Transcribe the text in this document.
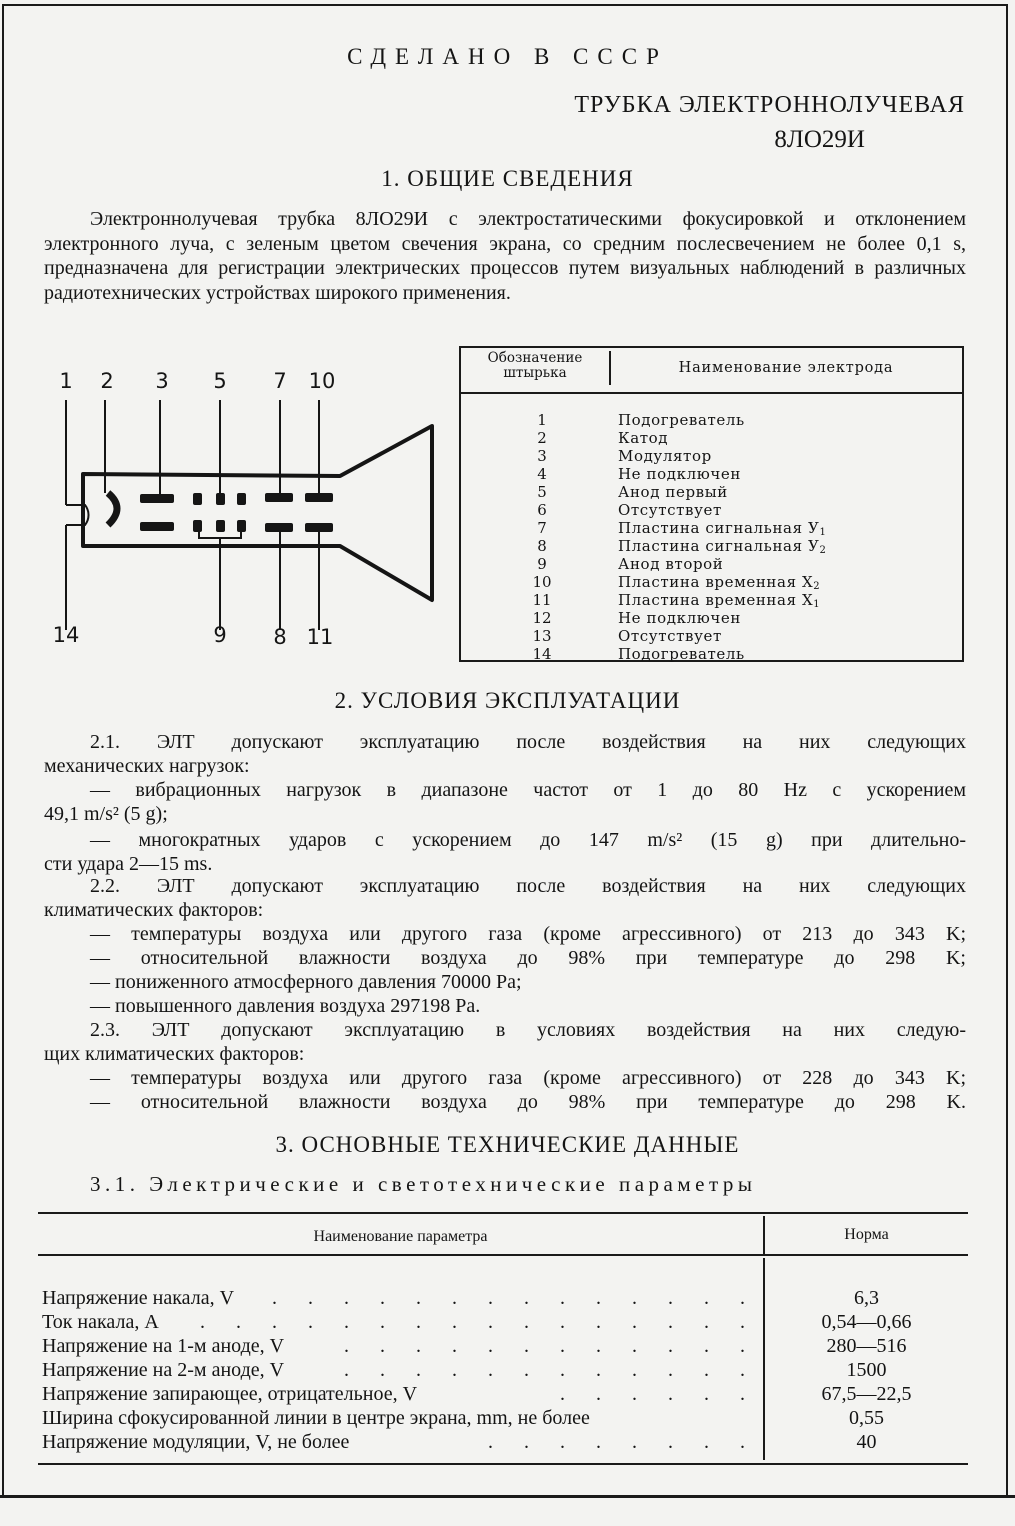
СДЕЛАНО В СССР
ТРУБКА ЭЛЕКТРОННОЛУЧЕВАЯ
8ЛО29И
1. ОБЩИЕ СВЕДЕНИЯ

Электроннолучевая трубка 8ЛО29И с электростатическими фокусировкой и отклонением электронного луча, с зеленым цветом свечения экрана, со средним послесвечением не более 0,1 s, предназначена для регистрации электрических процессов путем визуальных наблюдений в различных радиотехнических устройствах широкого применения.

1 2 3 5 7 10
14	9 8 11
Обозначение штырька	Наименование электрода
1	Подогреватель
2	Катод
3	Модулятор
4	Не подключен
5	Анод первый
6	Отсутствует
7	Пластина сигнальная $У_1$
8	Пластина сигнальная $У_2$
9	Анод второй
10	Пластина временная $X_2$
11	Пластина временная $X_1$
12	Не подключен
13	Отсутствует
14	Подогреватель
2. УСЛОВИЯ ЭКСПЛУАТАЦИИ
2.1. ЭЛТ допускают эксплуатацию после воздействия на них следующих
механических нагрузок:
— вибрационных нагрузок в диапазоне частот от 1 до 80 Hz с ускорением
49,1 m/s² (5 g);
— многократных ударов с ускорением до 147 m/s² (15 g) при длительно-
сти удара 2—15 ms.
2.2. ЭЛТ допускают эксплуатацию после воздействия на них следующих
климатических факторов:
— температуры воздуха или другого газа (кроме агрессивного) от 213 до 343 K;
— относительной влажности воздуха до 98% при температуре до 298 K;
— пониженного атмосферного давления 70000 Pa;
— повышенного давления воздуха 297198 Pa.
2.3. ЭЛТ допускают эксплуатацию в условиях воздействия на них следую-
щих климатических факторов:
— температуры воздуха или другого газа (кроме агрессивного) от 228 до 343 K;
— относительной влажности воздуха до 98% при температуре до 298 K.
3. ОСНОВНЫЕ ТЕХНИЧЕСКИЕ ДАННЫЕ
3.1. Электрические и светотехнические параметры
Наименование параметра	Норма
Напряжение накала, V . . . . . . . . . . . . . .	6,3
Ток накала, A . . . . . . . . . . . . . . . .	0,54—0,66
Напряжение на 1-м аноде, V	. . . . . . . . . . . .	280—516
Напряжение на 2-м аноде, V	. . . . . . . . . . . .	1500
Напряжение запирающее, отрицательное, V	. . . . . .	67,5—22,5
Ширина сфокусированной линии в центре экрана, mm, не более	0,55
Напряжение модуляции, V, не более	. . . . . . . .	40
